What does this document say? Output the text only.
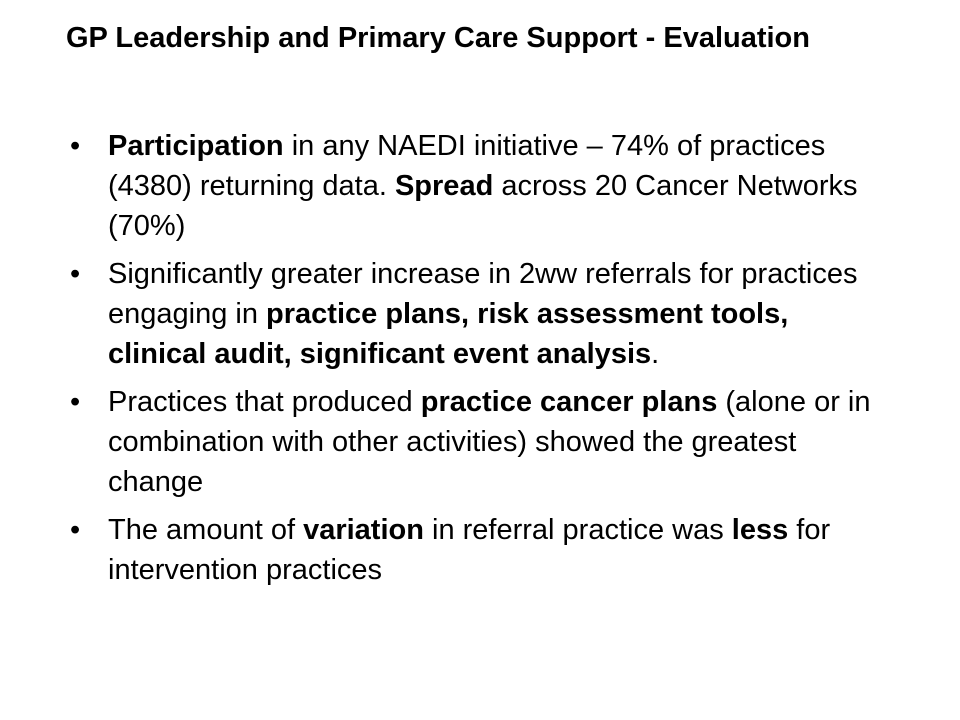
GP Leadership and Primary Care Support - Evaluation
• Participation in any NAEDI initiative – 74% of practices (4380) returning data. Spread across 20 Cancer Networks (70%)
• Significantly greater increase in 2ww referrals for practices engaging in practice plans, risk assessment tools, clinical audit, significant event analysis.
• Practices that produced practice cancer plans (alone or in combination with other activities) showed the greatest change
• The amount of variation in referral practice was less for intervention practices
